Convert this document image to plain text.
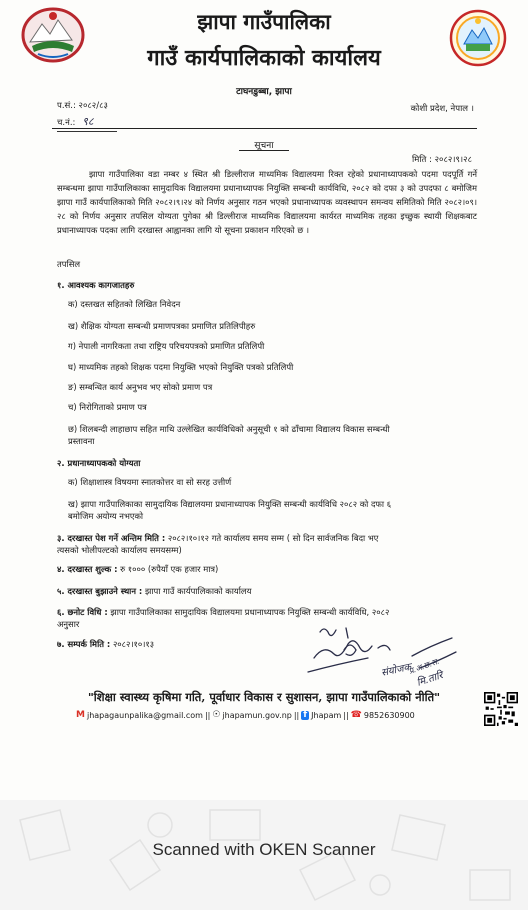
झापा गाउँपालिका
गाउँ कार्यपालिकाको कार्यालय
टाघनडुब्बा, झापा
प.सं.: २०८२/८३
च.नं.: ९८
कोशी प्रदेश, नेपाल ।
सूचना
मिति : २०८२।९।२८
झापा गाउँपालिका वडा नम्बर ४ स्थित श्री डिल्लीराज माध्यमिक विद्यालयमा रिक्त रहेको प्रधानाध्यापकको पदमा पदपूर्ति गर्ने सम्बन्धमा झापा गाउँपालिकाका सामुदायिक विद्यालयमा प्रधानाध्यापक नियुक्ति सम्बन्धी कार्यविधि, २०८२ को दफा ३ को उपदफा ८ बमोजिम झापा गाउँ कार्यपालिकाको मिति २०८२।९।२४ को निर्णय अनुसार गठन भएको प्रधानाध्यापक व्यवस्थापन समन्वय समितिको मिति २०८२।०९।२८ को निर्णय अनुसार तपसिल योग्यता पुगेका श्री डिल्लीराज माध्यमिक विद्यालयमा कार्यरत माध्यमिक तहका इच्छुक स्थायी शिक्षकबाट प्रधानाध्यापक पदका लागि दरखास्त आह्वानका लागि यो सूचना प्रकाशन गरिएको छ ।
तपसिल
१. आवश्यक कागजातहरु
क) दस्तखत सहितको लिखित निवेदन
ख) शैक्षिक योग्यता सम्बन्धी प्रमाणपत्रका प्रमाणित प्रतिलिपीहरु
ग) नेपाली नागरिकता तथा राष्ट्रिय परिचयपत्रको प्रमाणित प्रतिलिपी
घ) माध्यमिक तहको शिक्षक पदमा नियुक्ति भएको नियुक्ति पत्रको प्रतिलिपी
ङ) सम्बन्धित कार्य अनुभव भए सोको प्रमाण पत्र
च) निरोगिताको प्रमाण पत्र
छ) शिलबन्दी लाहाछाप सहित माथि उल्लेखित कार्यविधिको अनुसूची १ को ढाँचामा विद्यालय विकास सम्बन्धी
प्रस्तावना
२. प्रधानाध्यापकको योग्यता
क) शिक्षाशास्त्र विषयमा स्नातकोत्तर वा सो सरह उत्तीर्ण
ख) झापा गाउँपालिकाका सामुदायिक विद्यालयमा प्रधानाध्यापक नियुक्ति सम्बन्धी कार्यविधि २०८२ को दफा ६
बमोजिम अयोग्य नभएको
३. दरखास्त पेश गर्ने अन्तिम मिति : २०८२।१०।१२ गते कार्यालय समय सम्म ( सो दिन सार्वजनिक बिदा भए
त्यसको भोलीपल्टको कार्यालय समयसम्म)
४. दरखास्त शुल्क : रु १००० (रुपैयाँ एक हजार मात्र)
५. दरखास्त बुझाउने स्थान : झापा गाउँ कार्यपालिकाको कार्यालय
६. छनोट विधि : झापा गाउँपालिकाका सामुदायिक विद्यालयमा प्रधानाध्यापक नियुक्ति सम्बन्धी कार्यविधि, २०८२
अनुसार
७. सम्पर्क मिति : २०८२।१०।१३
संयोजक
प्र.अ.छ.स.
मि.तारि
"शिक्षा स्वास्थ्य कृषिमा गति, पूर्वाधार विकास र सुशासन, झापा गाउँपालिकाको नीति"
M jhapagaunpalika@gmail.com || ☉ jhapamun.gov.np || f Jhapam || ☎ 9852630900
Scanned with OKEN Scanner
